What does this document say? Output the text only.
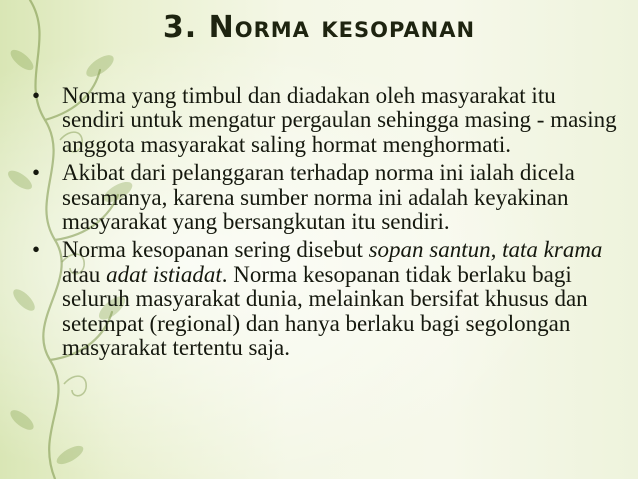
3. Norma kesopanan
• Norma yang timbul dan diadakan oleh masyarakat itu sendiri untuk mengatur pergaulan sehingga masing - masing anggota masyarakat saling hormat menghormati.
• Akibat dari pelanggaran terhadap norma ini ialah dicela sesamanya, karena sumber norma ini adalah keyakinan masyarakat yang bersangkutan itu sendiri.
• Norma kesopanan sering disebut sopan santun, tata krama atau adat istiadat. Norma kesopanan tidak berlaku bagi seluruh masyarakat dunia, melainkan bersifat khusus dan setempat (regional) dan hanya berlaku bagi segolongan masyarakat tertentu saja.
